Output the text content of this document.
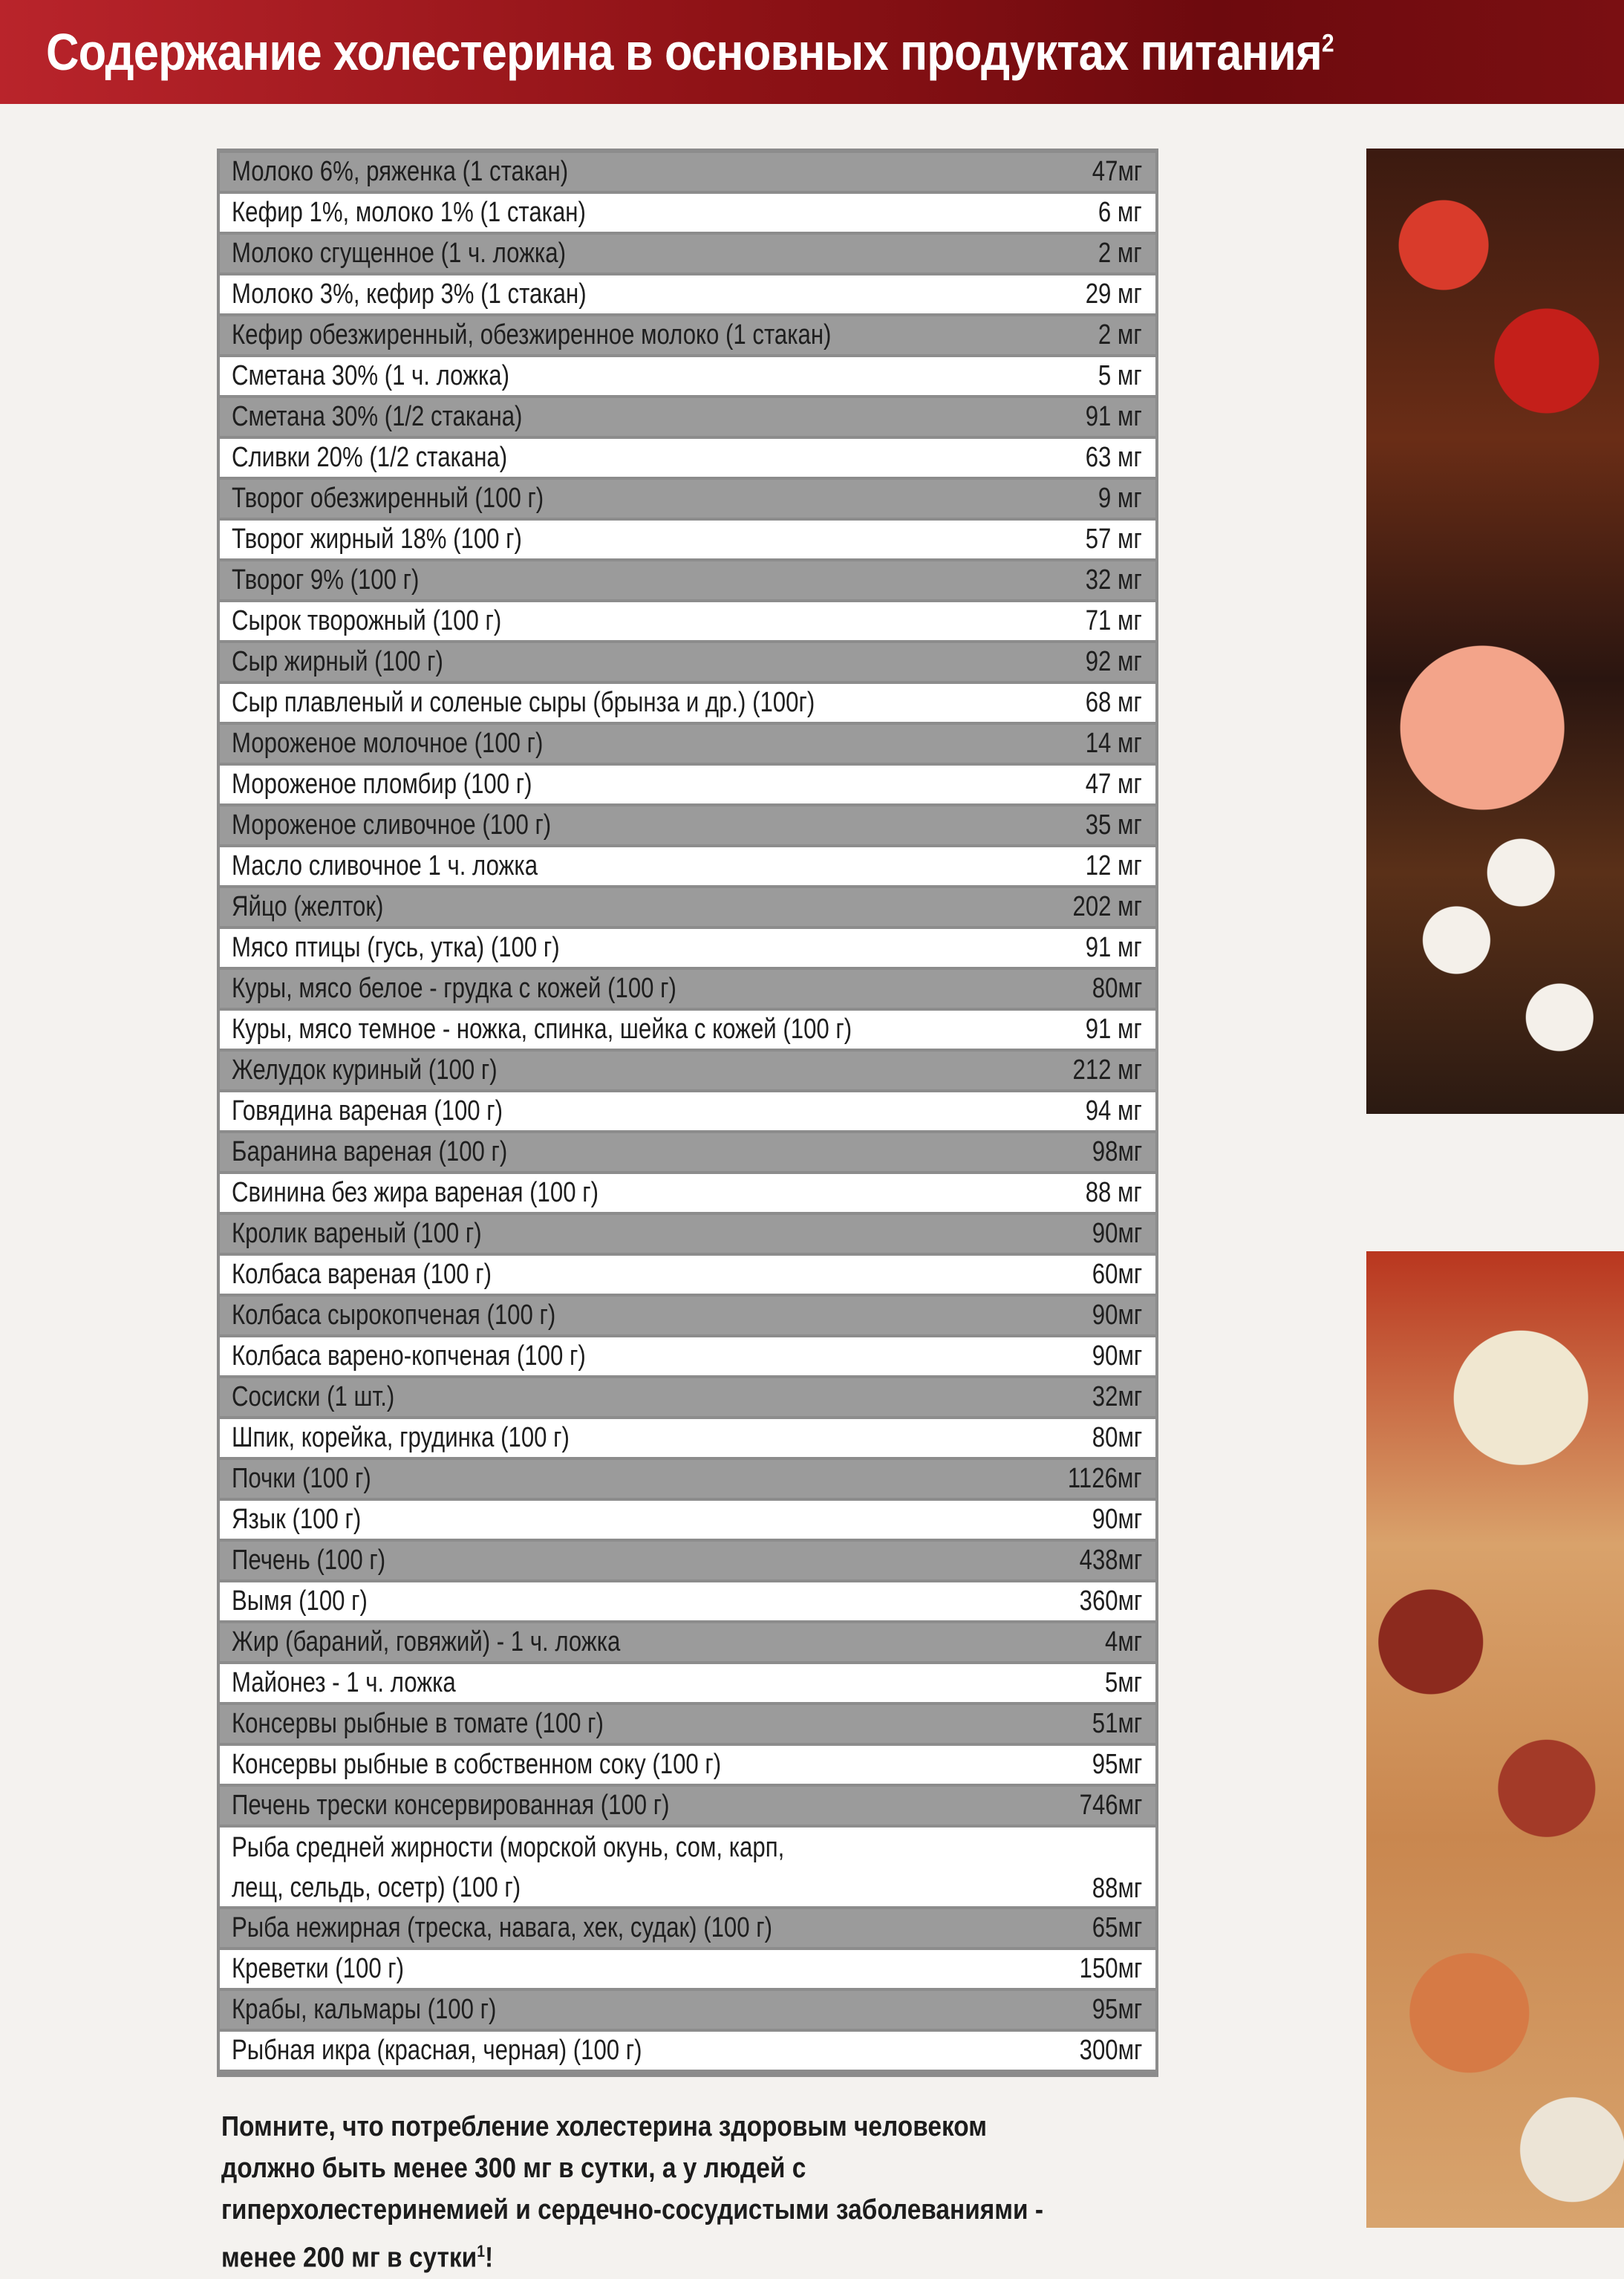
Содержание холестерина в основных продуктах питания$^2$
Молоко 6%, ряженка (1 стакан)	47мг
Кефир 1%, молоко 1% (1 стакан)	6 мг
Молоко сгущенное (1 ч. ложка)	2 мг
Молоко 3%, кефир 3% (1 стакан)	29 мг
Кефир обезжиренный, обезжиренное молоко (1 стакан)	2 мг
Сметана 30% (1 ч. ложка)	5 мг
Сметана 30% (1/2 стакана)	91 мг
Сливки 20% (1/2 стакана)	63 мг
Творог обезжиренный (100 г)	9 мг
Творог жирный 18% (100 г)	57 мг
Творог 9% (100 г)	32 мг
Сырок творожный (100 г)	71 мг
Сыр жирный (100 г)	92 мг
Сыр плавленый и соленые сыры (брынза и др.) (100г)	68 мг
Мороженое молочное (100 г)	14 мг
Мороженое пломбир (100 г)	47 мг
Мороженое сливочное (100 г)	35 мг
Масло сливочное 1 ч. ложка	12 мг
Яйцо (желток)	202 мг
Мясо птицы (гусь, утка) (100 г)	91 мг
Куры, мясо белое - грудка с кожей (100 г)	80мг
Куры, мясо темное - ножка, спинка, шейка с кожей (100 г)	91 мг
Желудок куриный (100 г)	212 мг
Говядина вареная (100 г)	94 мг
Баранина вареная (100 г)	98мг
Свинина без жира вареная (100 г)	88 мг
Кролик вареный (100 г)	90мг
Колбаса вареная (100 г)	60мг
Колбаса сырокопченая (100 г)	90мг
Колбаса варено-копченая (100 г)	90мг
Сосиски (1 шт.)	32мг
Шпик, корейка, грудинка (100 г)	80мг
Почки (100 г)	1126мг
Язык (100 г)	90мг
Печень (100 г)	438мг
Вымя (100 г)	360мг
Жир (бараний, говяжий) - 1 ч. ложка	4мг
Майонез - 1 ч. ложка	5мг
Консервы рыбные в томате (100 г)	51мг
Консервы рыбные в собственном соку (100 г)	95мг
Печень трески консервированная (100 г)	746мг
Рыба средней жирности (морской окунь, сом, карп, лещ, сельдь, осетр) (100 г)	88мг
Рыба нежирная (треска, навага, хек, судак) (100 г)	65мг
Креветки (100 г)	150мг
Крабы, кальмары (100 г)	95мг
Рыбная икра (красная, черная) (100 г)	300мг
Помните, что потребление холестерина здоровым человеком должно быть менее 300 мг в сутки, а у людей с гиперхолестеринемией и сердечно-сосудистыми заболеваниями - менее 200 мг в сутки$^1$!
